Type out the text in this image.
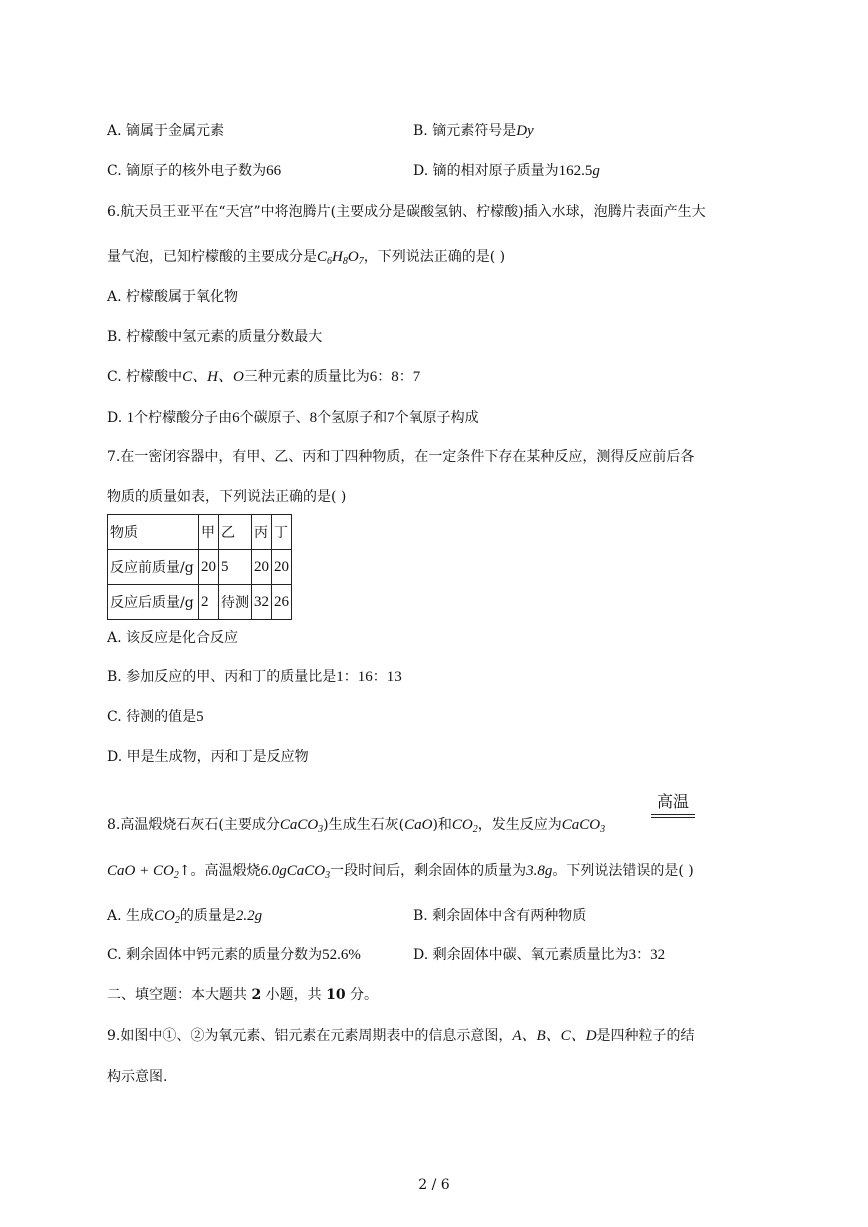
A. 镝属于金属元素	B. 镝元素符号是Dy
C. 镝原子的核外电子数为66	D. 镝的相对原子质量为162.5g
6.航天员王亚平在“天宫”中将泡腾片(主要成分是碳酸氢钠、柠檬酸)插入水球，泡腾片表面产生大
量气泡，已知柠檬酸的主要成分是$C_6H_8O_7$，下列说法正确的是( )
A. 柠檬酸属于氧化物
B. 柠檬酸中氢元素的质量分数最大
C. 柠檬酸中C、H、O三种元素的质量比为6：8：7
D. 1个柠檬酸分子由6个碳原子、8个氢原子和7个氧原子构成
7.在一密闭容器中，有甲、乙、丙和丁四种物质，在一定条件下存在某种反应，测得反应前后各
物质的质量如表，下列说法正确的是( )
物质	甲	乙	丙	丁
反应前质量/g	20	5	20	20
反应后质量/g	2	待测	32	26
A. 该反应是化合反应
B. 参加反应的甲、丙和丁的质量比是1：16：13
C. 待测的值是5
D. 甲是生成物，丙和丁是反应物
8.高温煅烧石灰石(主要成分CaCO$_3$)生成生石灰(CaO)和$CO_2$，发生反应为CaCO$_3$
高温
CaO + $CO_2↑$。高温煅烧6.0gCaCO$_3$一段时间后，剩余固体的质量为3.8g。下列说法错误的是( )
A. 生成$CO_2$的质量是2.2g	B. 剩余固体中含有两种物质
C. 剩余固体中钙元素的质量分数为52.6%	D. 剩余固体中碳、氧元素质量比为3：32
二、填空题：本大题共 2 小题，共 10 分。
9.如图中①、②为氧元素、铝元素在元素周期表中的信息示意图，A、B、C、D是四种粒子的结
构示意图.
2 / 6
